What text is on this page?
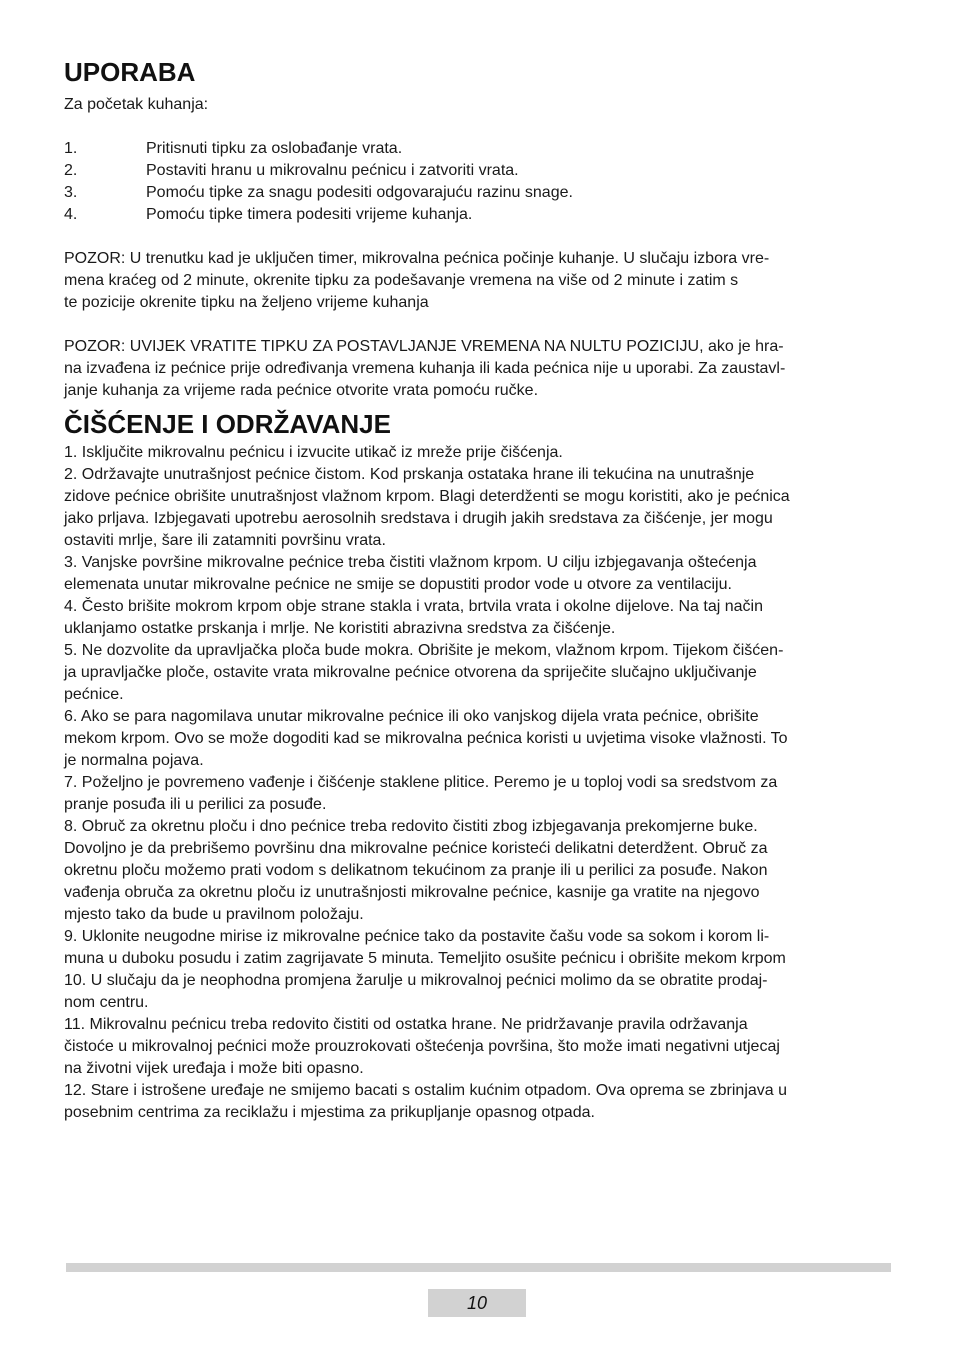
UPORABA

Za početak kuhanja:

1.	Pritisnuti tipku za oslobađanje vrata.
2.	Postaviti hranu u mikrovalnu pećnicu i zatvoriti vrata.
3.	Pomoću tipke za snagu podesiti odgovarajuću razinu snage.
4.	Pomoću tipke timera podesiti vrijeme kuhanja.
POZOR: U trenutku kad je uključen timer, mikrovalna pećnica počinje kuhanje. U slučaju izbora vre-
mena kraćeg od 2 minute, okrenite tipku za podešavanje vremena na više od 2 minute i zatim s
te pozicije okrenite tipku na željeno vrijeme kuhanja
POZOR: UVIJEK VRATITE TIPKU ZA POSTAVLJANJE VREMENA NA NULTU POZICIJU, ako je hra-
na izvađena iz pećnice prije određivanja vremena kuhanja ili kada pećnica nije u uporabi. Za zaustavl-
janje kuhanja za vrijeme rada pećnice otvorite vrata pomoću ručke.
ČIŠĆENJE I ODRŽAVANJE
1. Isključite mikrovalnu pećnicu i izvucite utikač iz mreže prije čišćenja.
2. Održavajte unutrašnjost pećnice čistom. Kod prskanja ostataka hrane ili tekućina na unutrašnje
zidove pećnice obrišite unutrašnjost vlažnom krpom. Blagi deterdženti se mogu koristiti, ako je pećnica
jako prljava. Izbjegavati upotrebu aerosolnih sredstava i drugih jakih sredstava za čišćenje, jer mogu
ostaviti mrlje, šare ili zatamniti površinu vrata.
3. Vanjske površine mikrovalne pećnice treba čistiti vlažnom krpom. U cilju izbjegavanja oštećenja
elemenata unutar mikrovalne pećnice ne smije se dopustiti prodor vode u otvore za ventilaciju.
4. Često brišite mokrom krpom obje strane stakla i vrata, brtvila vrata i okolne dijelove. Na taj način
uklanjamo ostatke prskanja i mrlje. Ne koristiti abrazivna sredstva za čišćenje.
5. Ne dozvolite da upravljačka ploča bude mokra. Obrišite je mekom, vlažnom krpom. Tijekom čišćen-
ja upravljačke ploče, ostavite vrata mikrovalne pećnice otvorena da spriječite slučajno uključivanje
pećnice.
6. Ako se para nagomilava unutar mikrovalne pećnice ili oko vanjskog dijela vrata pećnice, obrišite
mekom krpom. Ovo se može dogoditi kad se mikrovalna pećnica koristi u uvjetima visoke vlažnosti. To
je normalna pojava.
7. Poželjno je povremeno vađenje i čišćenje staklene plitice. Peremo je u toploj vodi sa sredstvom za
pranje posuđa ili u perilici za posuđe.
8. Obruč za okretnu ploču i dno pećnice treba redovito čistiti zbog izbjegavanja prekomjerne buke.
Dovoljno je da prebrišemo površinu dna mikrovalne pećnice koristeći delikatni deterdžent. Obruč za
okretnu ploču možemo prati vodom s delikatnom tekućinom za pranje ili u perilici za posuđe. Nakon
vađenja obruča za okretnu ploču iz unutrašnjosti mikrovalne pećnice, kasnije ga vratite na njegovo
mjesto tako da bude u pravilnom položaju.
9. Uklonite neugodne mirise iz mikrovalne pećnice tako da postavite čašu vode sa sokom i korom li-
muna u duboku posudu i zatim zagrijavate 5 minuta. Temeljito osušite pećnicu i obrišite mekom krpom
10. U slučaju da je neophodna promjena žarulje u mikrovalnoj pećnici molimo da se obratite prodaj-
nom centru.
11. Mikrovalnu pećnicu treba redovito čistiti od ostatka hrane. Ne pridržavanje pravila održavanja
čistoće u mikrovalnoj pećnici može prouzrokovati oštećenja površina, što može imati negativni utjecaj
na životni vijek uređaja i može biti opasno.
12. Stare i istrošene uređaje ne smijemo bacati s ostalim kućnim otpadom. Ova oprema se zbrinjava u
posebnim centrima za reciklažu i mjestima za prikupljanje opasnog otpada.
10
